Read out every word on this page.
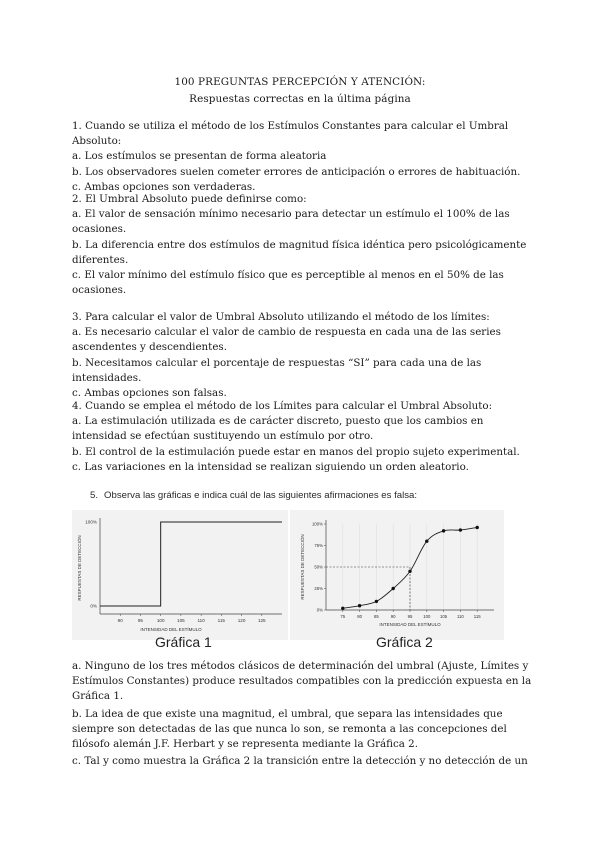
100 PREGUNTAS PERCEPCIÓN Y ATENCIÓN:
Respuestas correctas en la última página

1. Cuando se utiliza el método de los Estímulos Constantes para calcular el Umbral Absoluto:

a. Los estímulos se presentan de forma aleatoria

b. Los observadores suelen cometer errores de anticipación o errores de habituación.

c. Ambas opciones son verdaderas.

2. El Umbral Absoluto puede definirse como:

a. El valor de sensación mínimo necesario para detectar un estímulo el 100% de las ocasiones.

b. La diferencia entre dos estímulos de magnitud física idéntica pero psicológicamente diferentes.

c. El valor mínimo del estímulo físico que es perceptible al menos en el 50% de las ocasiones.

3. Para calcular el valor de Umbral Absoluto utilizando el método de los límites:

a. Es necesario calcular el valor de cambio de respuesta en cada una de las series ascendentes y descendientes.

b. Necesitamos calcular el porcentaje de respuestas “SI” para cada una de las intensidades.

c. Ambas opciones son falsas.

4. Cuando se emplea el método de los Límites para calcular el Umbral Absoluto:

a. La estimulación utilizada es de carácter discreto, puesto que los cambios en intensidad se efectúan sustituyendo un estímulo por otro.

b. El control de la estimulación puede estar en manos del propio sujeto experimental.

c. Las variaciones en la intensidad se realizan siguiendo un orden aleatorio.

5. Observa las gráficas e indica cuál de las siguientes afirmaciones es falsa:
90	95	100	105	110	115	120	125
0%
100%
INTENSIDAD DEL ESTÍMULO
RESPUESTAS DE DETECCIÓN
75	80	85	90	95	100 105 110 115
0%
25%
50%
75%
100%
INTENSIDAD DEL ESTÍMULO
RESPUESTAS DE DETECCIÓN
Gráfica 1	Gráfica 2

a. Ninguno de los tres métodos clásicos de determinación del umbral (Ajuste, Límites y Estímulos Constantes) produce resultados compatibles con la predicción expuesta en la Gráfica 1.

b. La idea de que existe una magnitud, el umbral, que separa las intensidades que siempre son detectadas de las que nunca lo son, se remonta a las concepciones del filósofo alemán J.F. Herbart y se representa mediante la Gráfica 2.

c. Tal y como muestra la Gráfica 2 la transición entre la detección y no detección de un
